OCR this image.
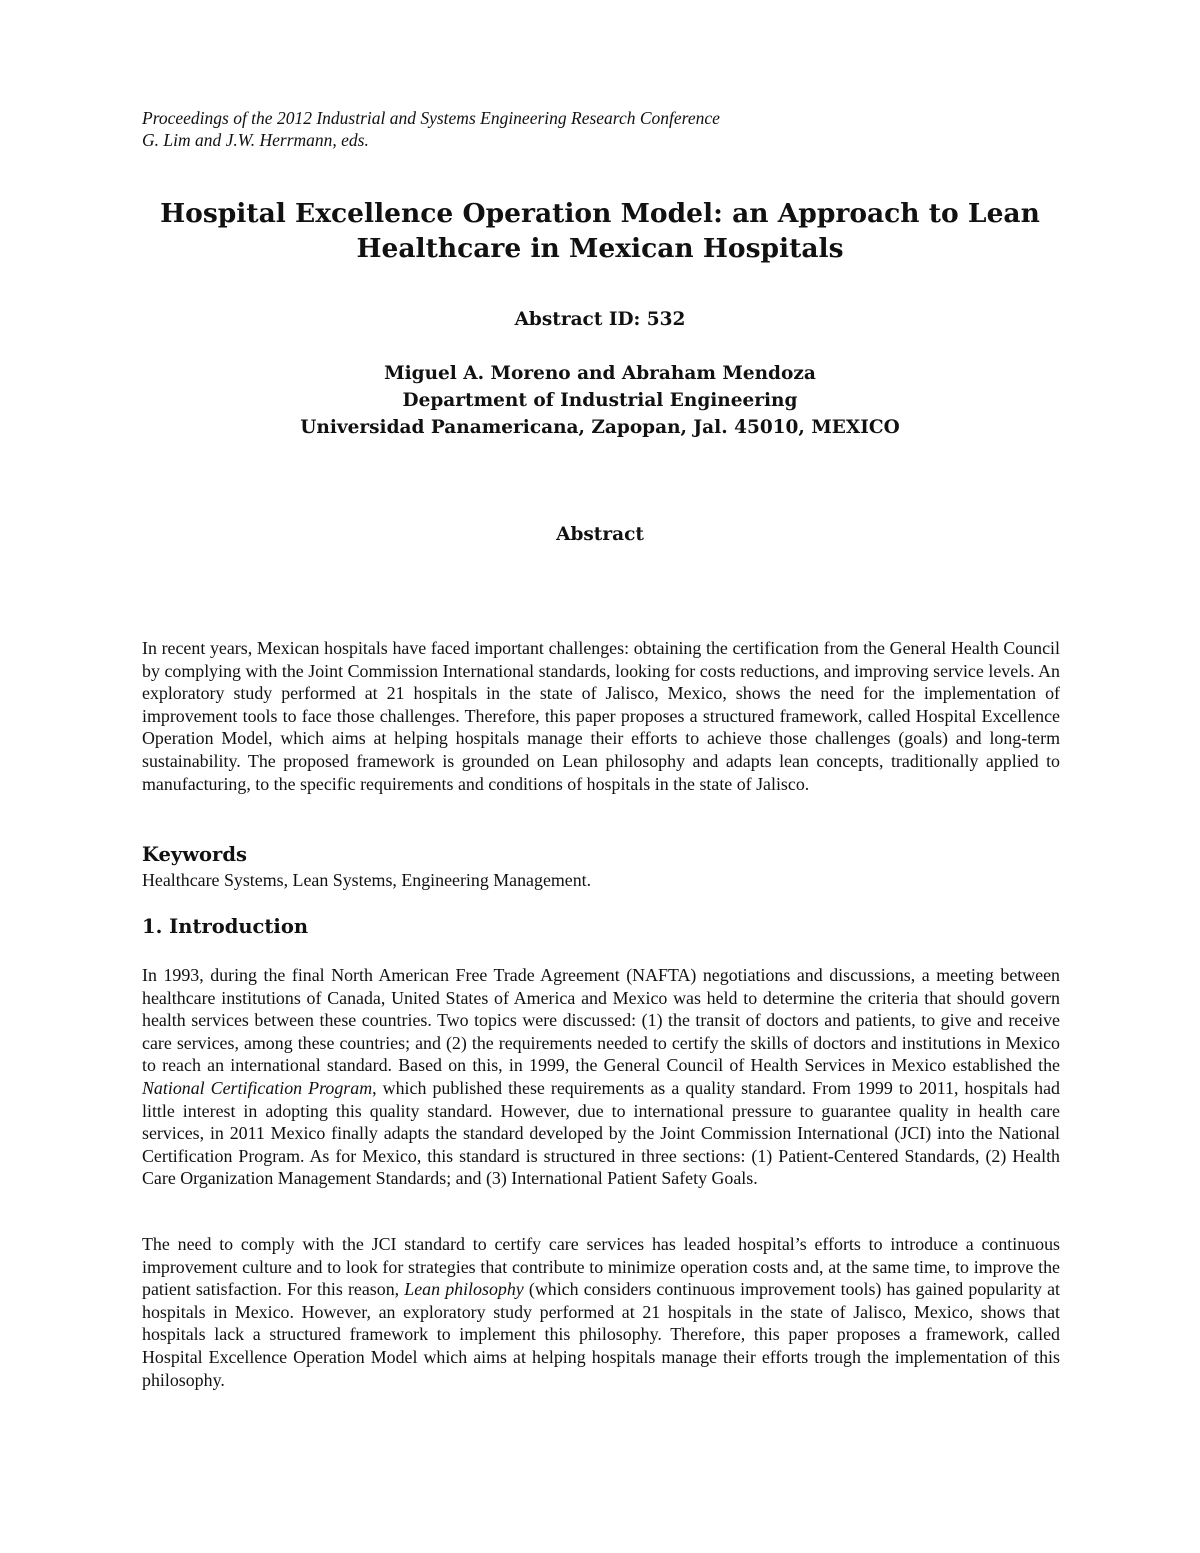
Proceedings of the 2012 Industrial and Systems Engineering Research Conference
G. Lim and J.W. Herrmann, eds.
Hospital Excellence Operation Model: an Approach to Lean
Healthcare in Mexican Hospitals
Abstract ID: 532
Miguel A. Moreno and Abraham Mendoza
Department of Industrial Engineering
Universidad Panamericana, Zapopan, Jal. 45010, MEXICO
Abstract
In recent years, Mexican hospitals have faced important challenges: obtaining the certification from the General Health Council by complying with the Joint Commission International standards, looking for costs reductions, and improving service levels. An exploratory study performed at 21 hospitals in the state of Jalisco, Mexico, shows the need for the implementation of improvement tools to face those challenges. Therefore, this paper proposes a structured framework, called Hospital Excellence Operation Model, which aims at helping hospitals manage their efforts to achieve those challenges (goals) and long-term sustainability. The proposed framework is grounded on Lean philosophy and adapts lean concepts, traditionally applied to manufacturing, to the specific requirements and conditions of hospitals in the state of Jalisco.
Keywords
Healthcare Systems, Lean Systems, Engineering Management.
1. Introduction
In 1993, during the final North American Free Trade Agreement (NAFTA) negotiations and discussions, a meeting between healthcare institutions of Canada, United States of America and Mexico was held to determine the criteria that should govern health services between these countries. Two topics were discussed: (1) the transit of doctors and patients, to give and receive care services, among these countries; and (2) the requirements needed to certify the skills of doctors and institutions in Mexico to reach an international standard. Based on this, in 1999, the General Council of Health Services in Mexico established the National Certification Program, which published these requirements as a quality standard. From 1999 to 2011, hospitals had little interest in adopting this quality standard. However, due to international pressure to guarantee quality in health care services, in 2011 Mexico finally adapts the standard developed by the Joint Commission International (JCI) into the National Certification Program. As for Mexico, this standard is structured in three sections: (1) Patient-Centered Standards, (2) Health Care Organization Management Standards; and (3) International Patient Safety Goals.
The need to comply with the JCI standard to certify care services has leaded hospital’s efforts to introduce a continuous improvement culture and to look for strategies that contribute to minimize operation costs and, at the same time, to improve the patient satisfaction. For this reason, Lean philosophy (which considers continuous improvement tools) has gained popularity at hospitals in Mexico. However, an exploratory study performed at 21 hospitals in the state of Jalisco, Mexico, shows that hospitals lack a structured framework to implement this philosophy. Therefore, this paper proposes a framework, called Hospital Excellence Operation Model which aims at helping hospitals manage their efforts trough the implementation of this philosophy.
